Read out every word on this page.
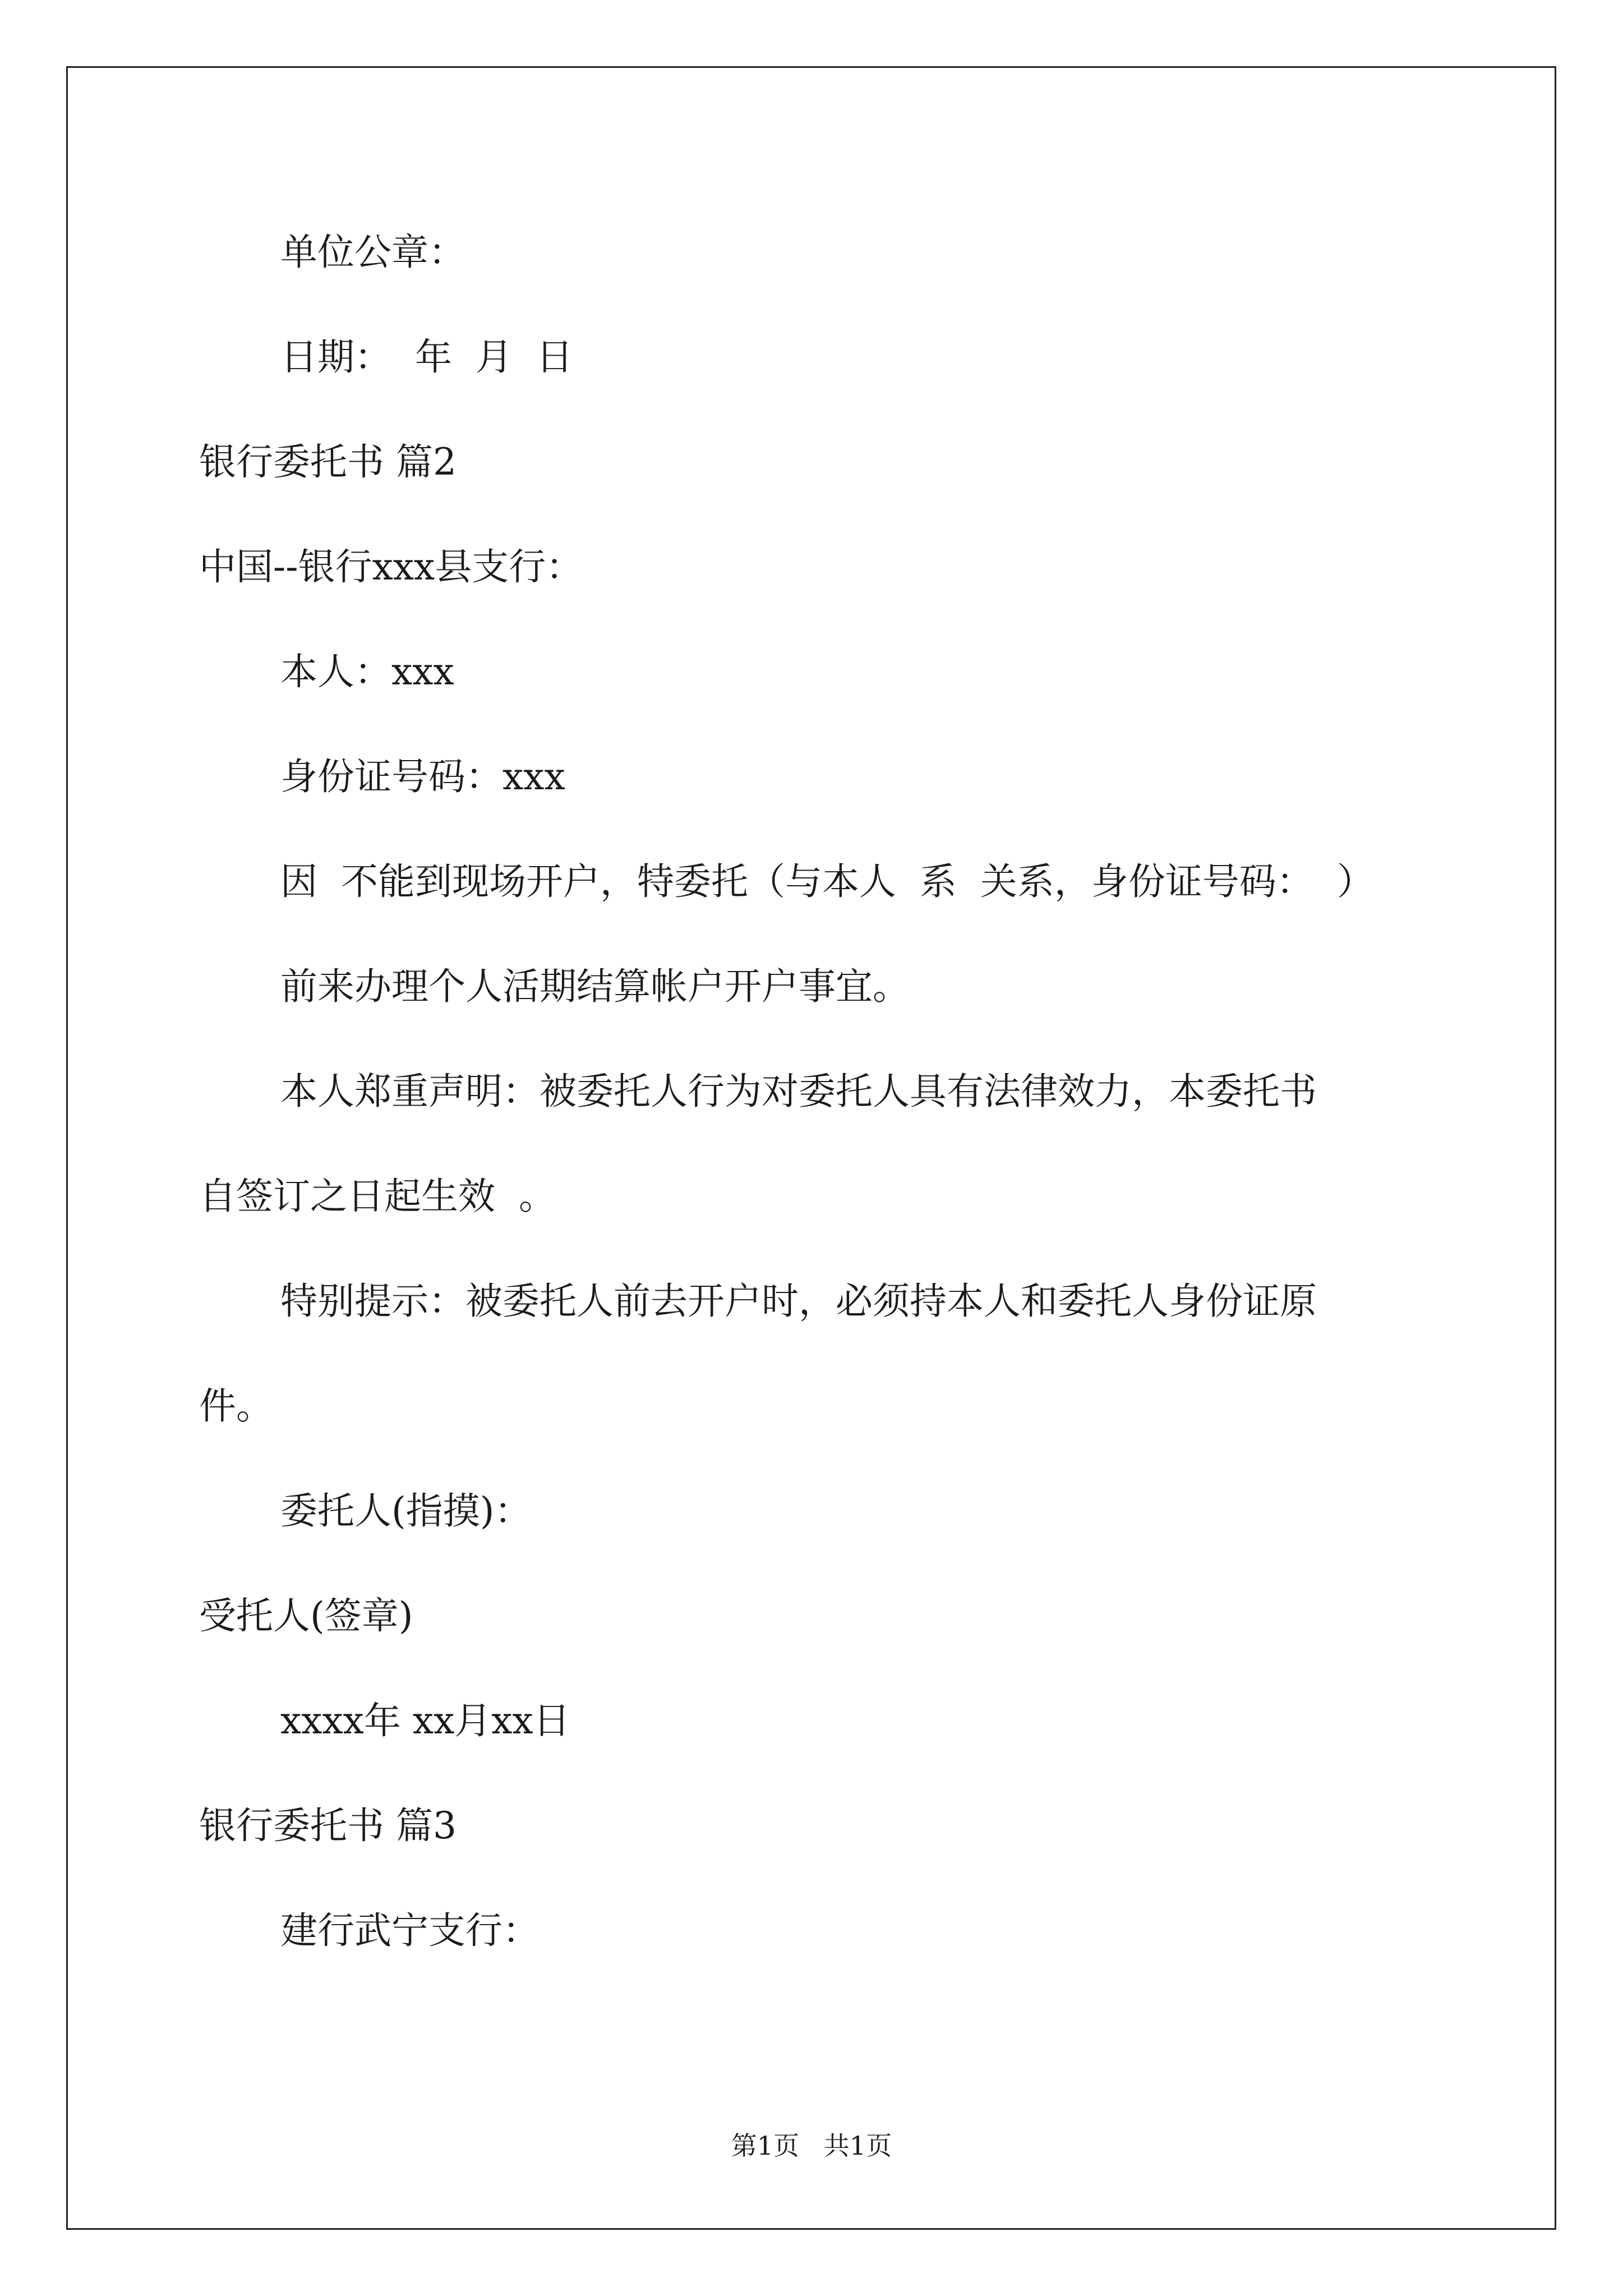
单位公章：

日期：  年  月  日

银行委托书 篇2

中国--银行xxx县支行：

本人：xxx

身份证号码：xxx

因  不能到现场开户，特委托（与本人  系  关系，身份证号码：  ）

前来办理个人活期结算帐户开户事宜。

本人郑重声明：被委托人行为对委托人具有法律效力，本委托书

自签订之日起生效  。

特别提示：被委托人前去开户时，必须持本人和委托人身份证原

件。

委托人(指摸)：

受托人(签章)

xxxx年 xx月xx日

银行委托书 篇3

建行武宁支行：

第1页   共1页
